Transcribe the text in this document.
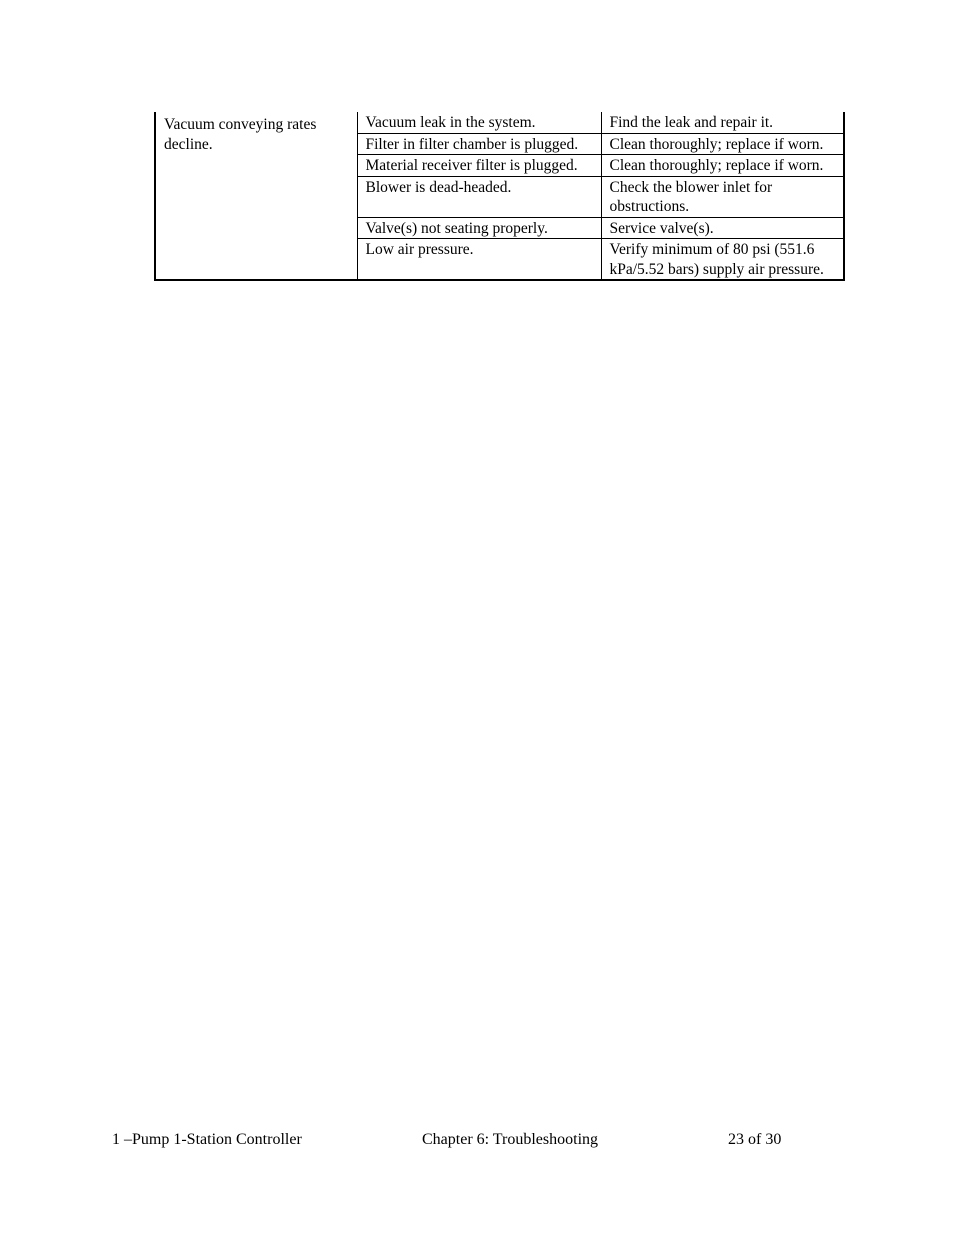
Vacuum conveying rates decline.	Vacuum leak in the system.	Find the leak and repair it.
	Filter in filter chamber is plugged.	Clean thoroughly; replace if worn.
	Material receiver filter is plugged.	Clean thoroughly; replace if worn.
	Blower is dead-headed.	Check the blower inlet for obstructions.
	Valve(s) not seating properly.	Service valve(s).
	Low air pressure.	Verify minimum of 80 psi (551.6 kPa/5.52 bars) supply air pressure.
1 –Pump 1-Station Controller	Chapter 6: Troubleshooting	23 of 30
